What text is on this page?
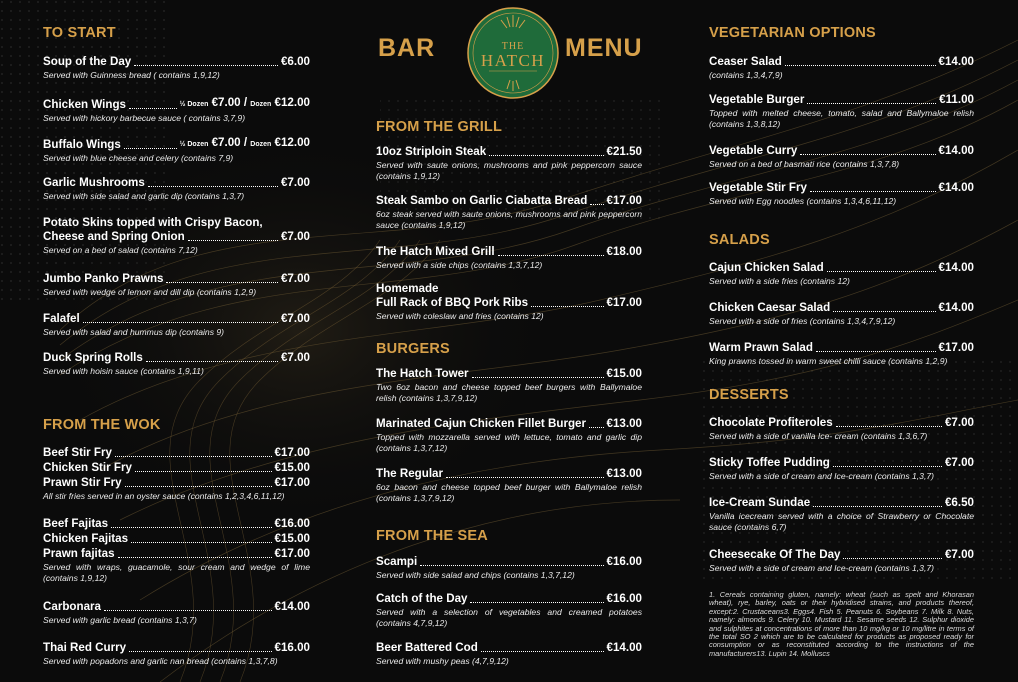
BAR	MENU
THE
HATCH
TO START
Soup of the Day	€6.00
Served with Guinness bread ( contains 1,9,12)
Chicken Wings	½ Dozen €7.00 / Dozen €12.00
Served with hickory barbecue sauce ( contains 3,7,9)
Buffalo Wings	½ Dozen €7.00 / Dozen €12.00
Served with blue cheese and celery (contains 7,9)
Garlic Mushrooms	€7.00
Served with side salad and garlic dip (contains 1,3,7)
Potato Skins topped with Crispy Bacon,
Cheese and Spring Onion	€7.00
Served on a bed of salad (contains 7,12)
Jumbo Panko Prawns	€7.00
Served with wedge of lemon and dill dip (contains 1,2,9)
Falafel	€7.00
Served with salad and hummus dip (contains 9)
Duck Spring Rolls	€7.00
Served with hoisin sauce (contains 1,9,11)
FROM THE WOK
Beef Stir Fry	€17.00
Chicken Stir Fry	€15.00
Prawn Stir Fry	€17.00
All stir fries served in an oyster sauce (contains 1,2,3,4,6,11,12)
Beef Fajitas	€16.00
Chicken Fajitas	€15.00
Prawn fajitas	€17.00
Served with wraps, guacamole, sour cream and wedge of lime (contains 1,9,12)
Carbonara	€14.00
Served with garlic bread (contains 1,3,7)
Thai Red Curry	€16.00
Served with popadons and garlic nan bread (contains 1,3,7,8)
FROM THE GRILL
10oz Striploin Steak	€21.50
Served with saute onions, mushrooms and pink peppercorn sauce (contains 1,9,12)
Steak Sambo on Garlic Ciabatta Bread €17.00
6oz steak served with saute onions, mushrooms and pink peppercorn sauce (contains 1,9,12)
The Hatch Mixed Grill	€18.00
Served with a side chips (contains 1,3,7,12)
Homemade
Full Rack of BBQ Pork Ribs	€17.00
Served with coleslaw and fries (contains 12)
BURGERS
The Hatch Tower	€15.00
Two 6oz bacon and cheese topped beef burgers with Ballymaloe relish (contains 1,3,7,9,12)
Marinated Cajun Chicken Fillet Burger €13.00
Topped with mozzarella served with lettuce, tomato and garlic dip (contains 1,3,7,12)
The Regular	€13.00
6oz bacon and cheese topped beef burger with Ballymaloe relish (contains 1,3,7,9,12)
FROM THE SEA
Scampi	€16.00
Served with side salad and chips (contains 1,3,7,12)
Catch of the Day	€16.00
Served with a selection of vegetables and creamed potatoes (contains 4,7,9,12)
Beer Battered Cod	€14.00
Served with mushy peas (4,7,9,12)
VEGETARIAN OPTIONS
Ceaser Salad	€14.00
(contains 1,3,4,7,9)
Vegetable Burger	€11.00
Topped with melted cheese, tomato, salad and Ballymaloe relish (contains 1,3,8,12)
Vegetable Curry	€14.00
Served on a bed of basmati rice (contains 1,3,7,8)
Vegetable Stir Fry	€14.00
Served with Egg noodles (contains 1,3,4,6,11,12)
SALADS
Cajun Chicken Salad	€14.00
Served with a side fries (contains 12)
Chicken Caesar Salad	€14.00
Served with a side of fries (contains 1,3,4,7,9,12)
Warm Prawn Salad	€17.00
King prawns tossed in warm sweet chilli sauce (contains 1,2,9)
DESSERTS
Chocolate Profiteroles	€7.00
Served with a side of vanilla Ice- cream (contains 1,3,6,7)
Sticky Toffee Pudding	€7.00
Served with a side of cream and Ice-cream (contains 1,3,7)
Ice-Cream Sundae	€6.50
Vanilla icecream served with a choice of Strawberry or Chocolate sauce (contains 6,7)
Cheesecake Of The Day	€7.00
Served with a side of cream and Ice-cream (contains 1,3,7)
1. Cereals containing gluten, namely: wheat (such as spelt and Khorasan wheat), rye, barley, oats or their hybridised strains, and products thereof, except:2. Crustaceans3. Eggs4. Fish 5. Peanuts 6. Soybeans 7. Milk 8. Nuts, namely: almonds 9. Celery 10. Mustard 11. Sesame seeds 12. Sulphur dioxide and sulphites at concentrations of more than 10 mg/kg or 10 mg/litre in terms of the total SO 2 which are to be calculated for products as proposed ready for consumption or as reconstituted according to the instructions of the manufacturers13. Lupin 14. Molluscs
